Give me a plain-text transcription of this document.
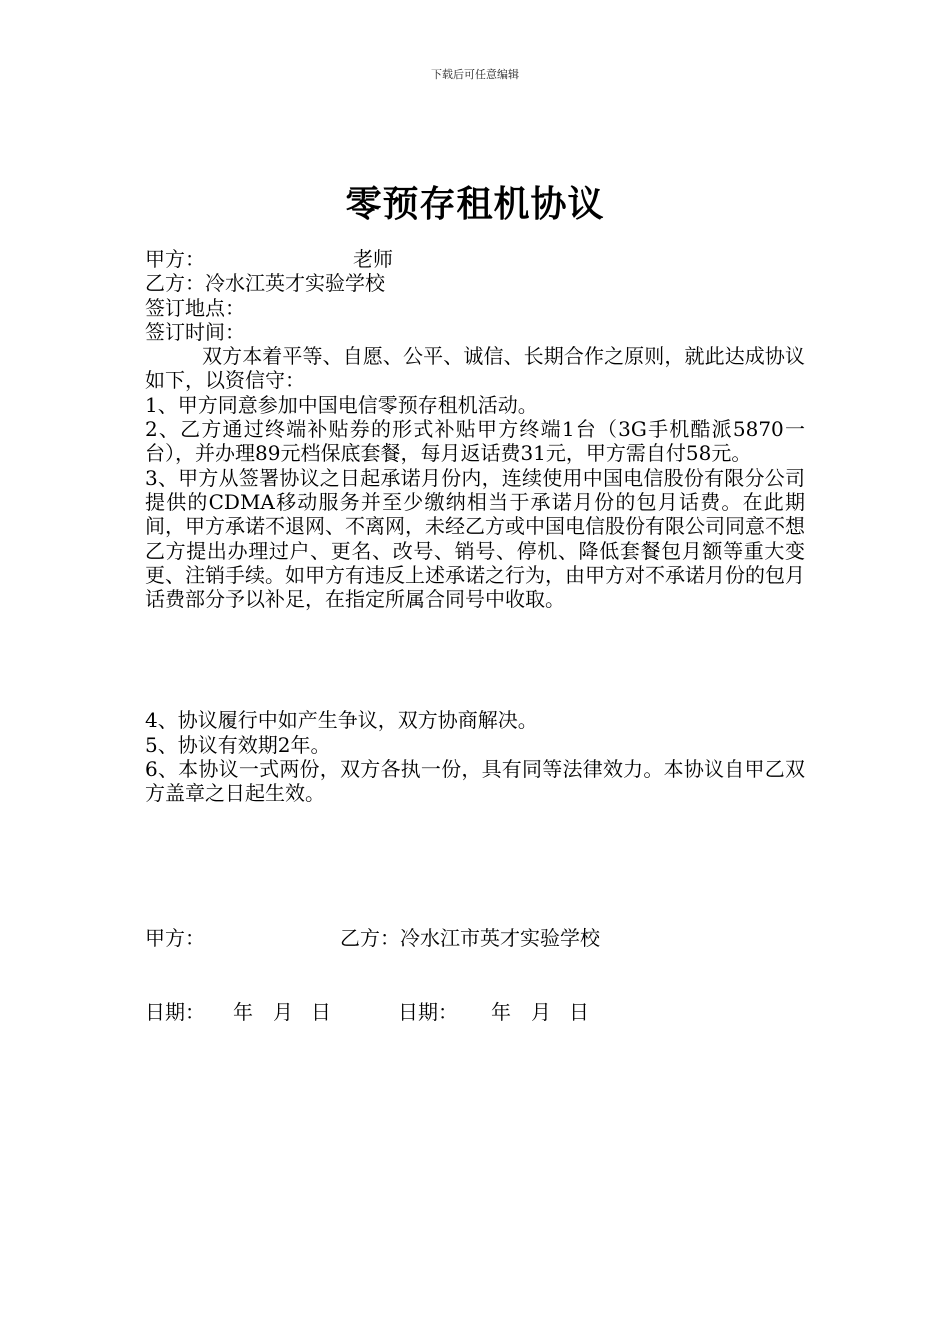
下载后可任意编辑
零预存租机协议
甲方：	老师
乙方：冷水江英才实验学校
签订地点：
签订时间：

双方本着平等、自愿、公平、诚信、长期合作之原则，就此达成协议如下，以资信守：

1、甲方同意参加中国电信零预存租机活动。

2、乙方通过终端补贴券的形式补贴甲方终端1台（3G手机酷派5870一台），并办理89元档保底套餐，每月返话费31元，甲方需自付58元。

3、甲方从签署协议之日起承诺月份内，连续使用中国电信股份有限分公司提供的CDMA移动服务并至少缴纳相当于承诺月份的包月话费。在此期间，甲方承诺不退网、不离网，未经乙方或中国电信股份有限公司同意不想乙方提出办理过户、更名、改号、销号、停机、降低套餐包月额等重大变更、注销手续。如甲方有违反上述承诺之行为，由甲方对不承诺月份的包月话费部分予以补足，在指定所属合同号中收取。

4、协议履行中如产生争议，双方协商解决。

5、协议有效期2年。

6、本协议一式两份，双方各执一份，具有同等法律效力。本协议自甲乙双方盖章之日起生效。

甲方：	乙方：冷水江市英才实验学校
日期： 年 月 日	日期： 年 月 日
